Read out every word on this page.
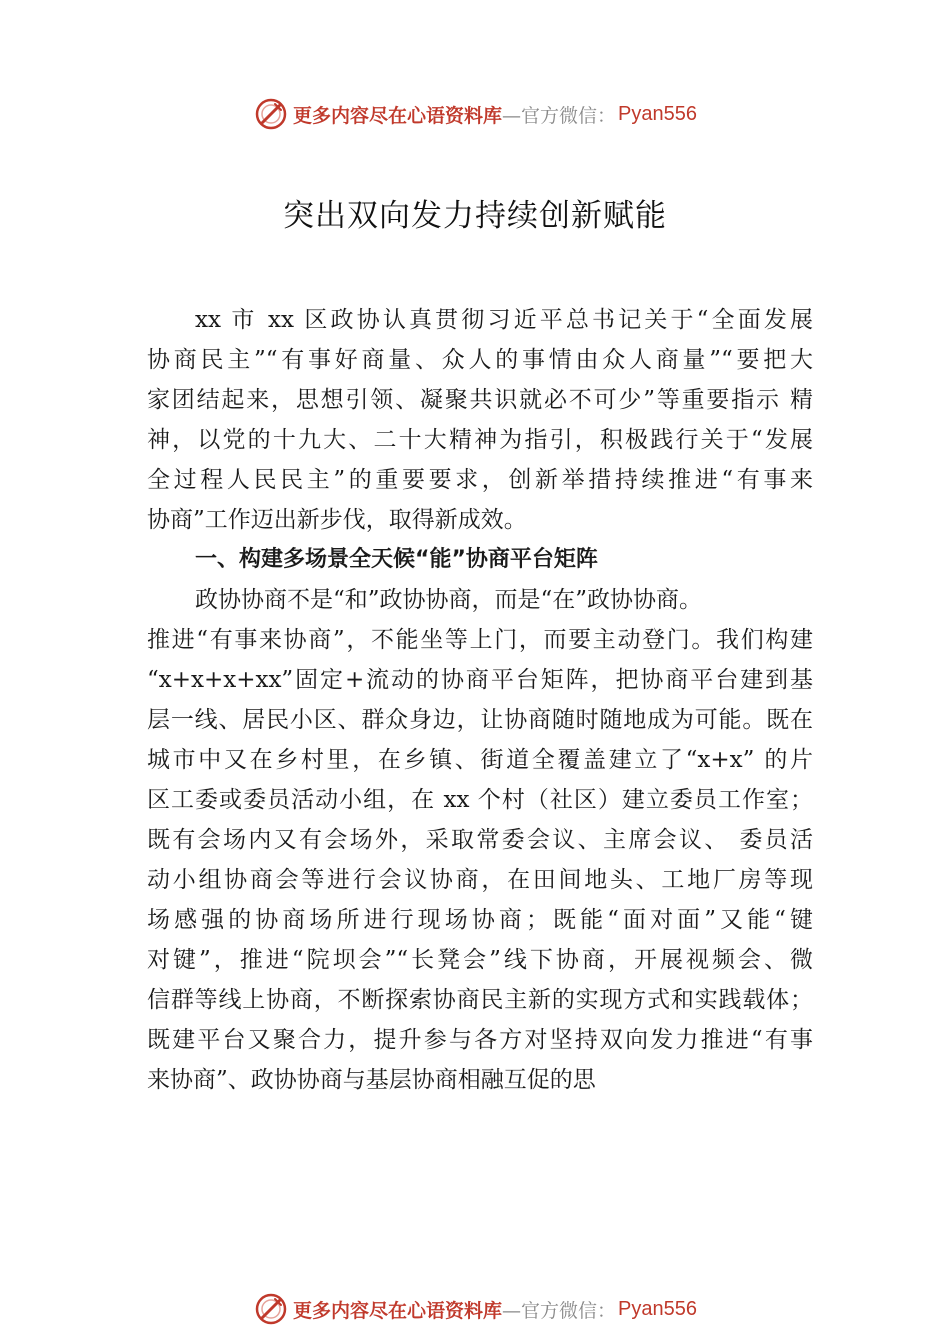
更多内容尽在心语资料库 —官方微信： Pyan556
突出双向发力持续创新赋能
xx 市 xx 区政协认真贯彻习近平总书记关于“全面发展
协商民主”“有事好商量、众人的事情由众人商量”“要把大
家团结起来，思想引领、凝聚共识就必不可少”等重要指示 精
神，以党的十九大、二十大精神为指引，积极践行关于“发展
全过程人民民主”的重要要求，创新举措持续推进“有事来
协商”工作迈出新步伐，取得新成效。
一、构建多场景全天候“能”协商平台矩阵
政协协商不是“和”政协协商，而是“在”政协协商。
推进“有事来协商”，不能坐等上门，而要主动登门。我们构建
“x+x+x+xx”固定+流动的协商平台矩阵，把协商平台建到基
层一线、居民小区、群众身边，让协商随时随地成为可能。既在
城市中又在乡村里，在乡镇、街道全覆盖建立了“x+x” 的片
区工委或委员活动小组，在 xx 个村（社区）建立委员工作室；
既有会场内又有会场外，采取常委会议、主席会议、 委员活
动小组协商会等进行会议协商，在田间地头、工地厂房等现
场感强的协商场所进行现场协商；既能“面对面”又能“键
对键”，推进“院坝会”“长凳会”线下协商，开展视频会、微
信群等线上协商，不断探索协商民主新的实现方式和实践载体；
既建平台又聚合力，提升参与各方对坚持双向发力推进“有事
来协商”、政协协商与基层协商相融互促的思
更多内容尽在心语资料库 —官方微信： Pyan556
